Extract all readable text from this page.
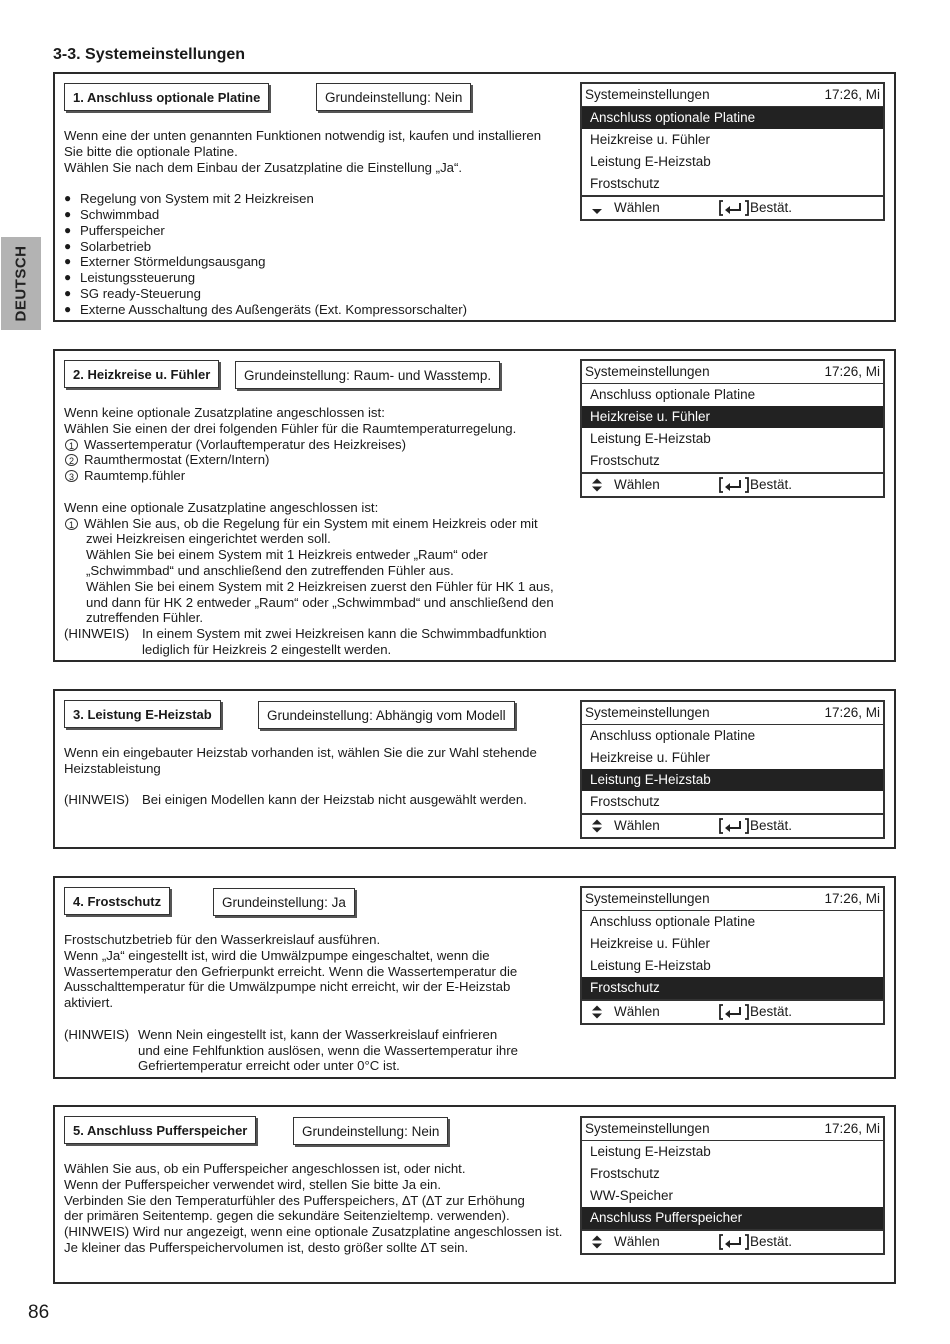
3-3. Systemeinstellungen
DEUTSCH
1. Anschluss optionale Platine	Grundeinstellung: Nein

Wenn eine der unten genannten Funktionen notwendig ist, kaufen und installieren

Sie bitte die optionale Platine.

Wählen Sie nach dem Einbau der Zusatzplatine die Einstellung „Ja“.

● Regelung von System mit 2 Heizkreisen
● Schwimmbad
● Pufferspeicher
● Solarbetrieb
● Externer Störmeldungsausgang
● Leistungssteuerung
● SG ready-Steuerung
● Externe Ausschaltung des Außengeräts (Ext. Kompressorschalter)
Systemeinstellungen	17:26, Mi
Anschluss optionale Platine
Heizkreise u. Fühler
Leistung E-Heizstab
Frostschutz
Wählen	Bestät.
2. Heizkreise u. Fühler	Grundeinstellung: Raum- und Wasstemp.

Wenn keine optionale Zusatzplatine angeschlossen ist:

Wählen Sie einen der drei folgenden Fühler für die Raumtemperaturregelung.

1 Wassertemperatur (Vorlauftemperatur des Heizkreises)
2 Raumthermostat (Extern/Intern)
3 Raumtemp.fühler

Wenn eine optionale Zusatzplatine angeschlossen ist:

1 Wählen Sie aus, ob die Regelung für ein System mit einem Heizkreis oder mit

zwei Heizkreisen eingerichtet werden soll.

Wählen Sie bei einem System mit 1 Heizkreis entweder „Raum“ oder

„Schwimmbad“ und anschließend den zutreffenden Fühler aus.

Wählen Sie bei einem System mit 2 Heizkreisen zuerst den Fühler für HK 1 aus,

und dann für HK 2 entweder „Raum“ oder „Schwimmbad“ und anschließend den

zutreffenden Fühler.

(HINWEIS) In einem System mit zwei Heizkreisen kann die Schwimmbadfunktion

lediglich für Heizkreis 2 eingestellt werden.

Systemeinstellungen	17:26, Mi
Anschluss optionale Platine
Heizkreise u. Fühler
Leistung E-Heizstab
Frostschutz
Wählen	Bestät.
3. Leistung E-Heizstab	Grundeinstellung: Abhängig vom Modell

Wenn ein eingebauter Heizstab vorhanden ist, wählen Sie die zur Wahl stehende

Heizstableistung

(HINWEIS) Bei einigen Modellen kann der Heizstab nicht ausgewählt werden.

Systemeinstellungen	17:26, Mi
Anschluss optionale Platine
Heizkreise u. Fühler
Leistung E-Heizstab
Frostschutz
Wählen	Bestät.
4. Frostschutz	Grundeinstellung: Ja

Frostschutzbetrieb für den Wasserkreislauf ausführen.

Wenn „Ja“ eingestellt ist, wird die Umwälzpumpe eingeschaltet, wenn die

Wassertemperatur den Gefrierpunkt erreicht. Wenn die Wassertemperatur die

Ausschalttemperatur für die Umwälzpumpe nicht erreicht, wir der E-Heizstab

aktiviert.

(HINWEIS) Wenn Nein eingestellt ist, kann der Wasserkreislauf einfrieren

und eine Fehlfunktion auslösen, wenn die Wassertemperatur ihre

Gefriertemperatur erreicht oder unter 0°C ist.

Systemeinstellungen	17:26, Mi
Anschluss optionale Platine
Heizkreise u. Fühler
Leistung E-Heizstab
Frostschutz
Wählen	Bestät.
5. Anschluss Pufferspeicher	Grundeinstellung: Nein

Wählen Sie aus, ob ein Pufferspeicher angeschlossen ist, oder nicht.

Wenn der Pufferspeicher verwendet wird, stellen Sie bitte Ja ein.

Verbinden Sie den Temperaturfühler des Pufferspeichers, ∆T (∆T zur Erhöhung

der primären Seitentemp. gegen die sekundäre Seitenzieltemp. verwenden).

(HINWEIS) Wird nur angezeigt, wenn eine optionale Zusatzplatine angeschlossen ist.

Je kleiner das Pufferspeichervolumen ist, desto größer sollte ∆T sein.

Systemeinstellungen	17:26, Mi
Leistung E-Heizstab
Frostschutz
WW-Speicher
Anschluss Pufferspeicher
Wählen	Bestät.
86
